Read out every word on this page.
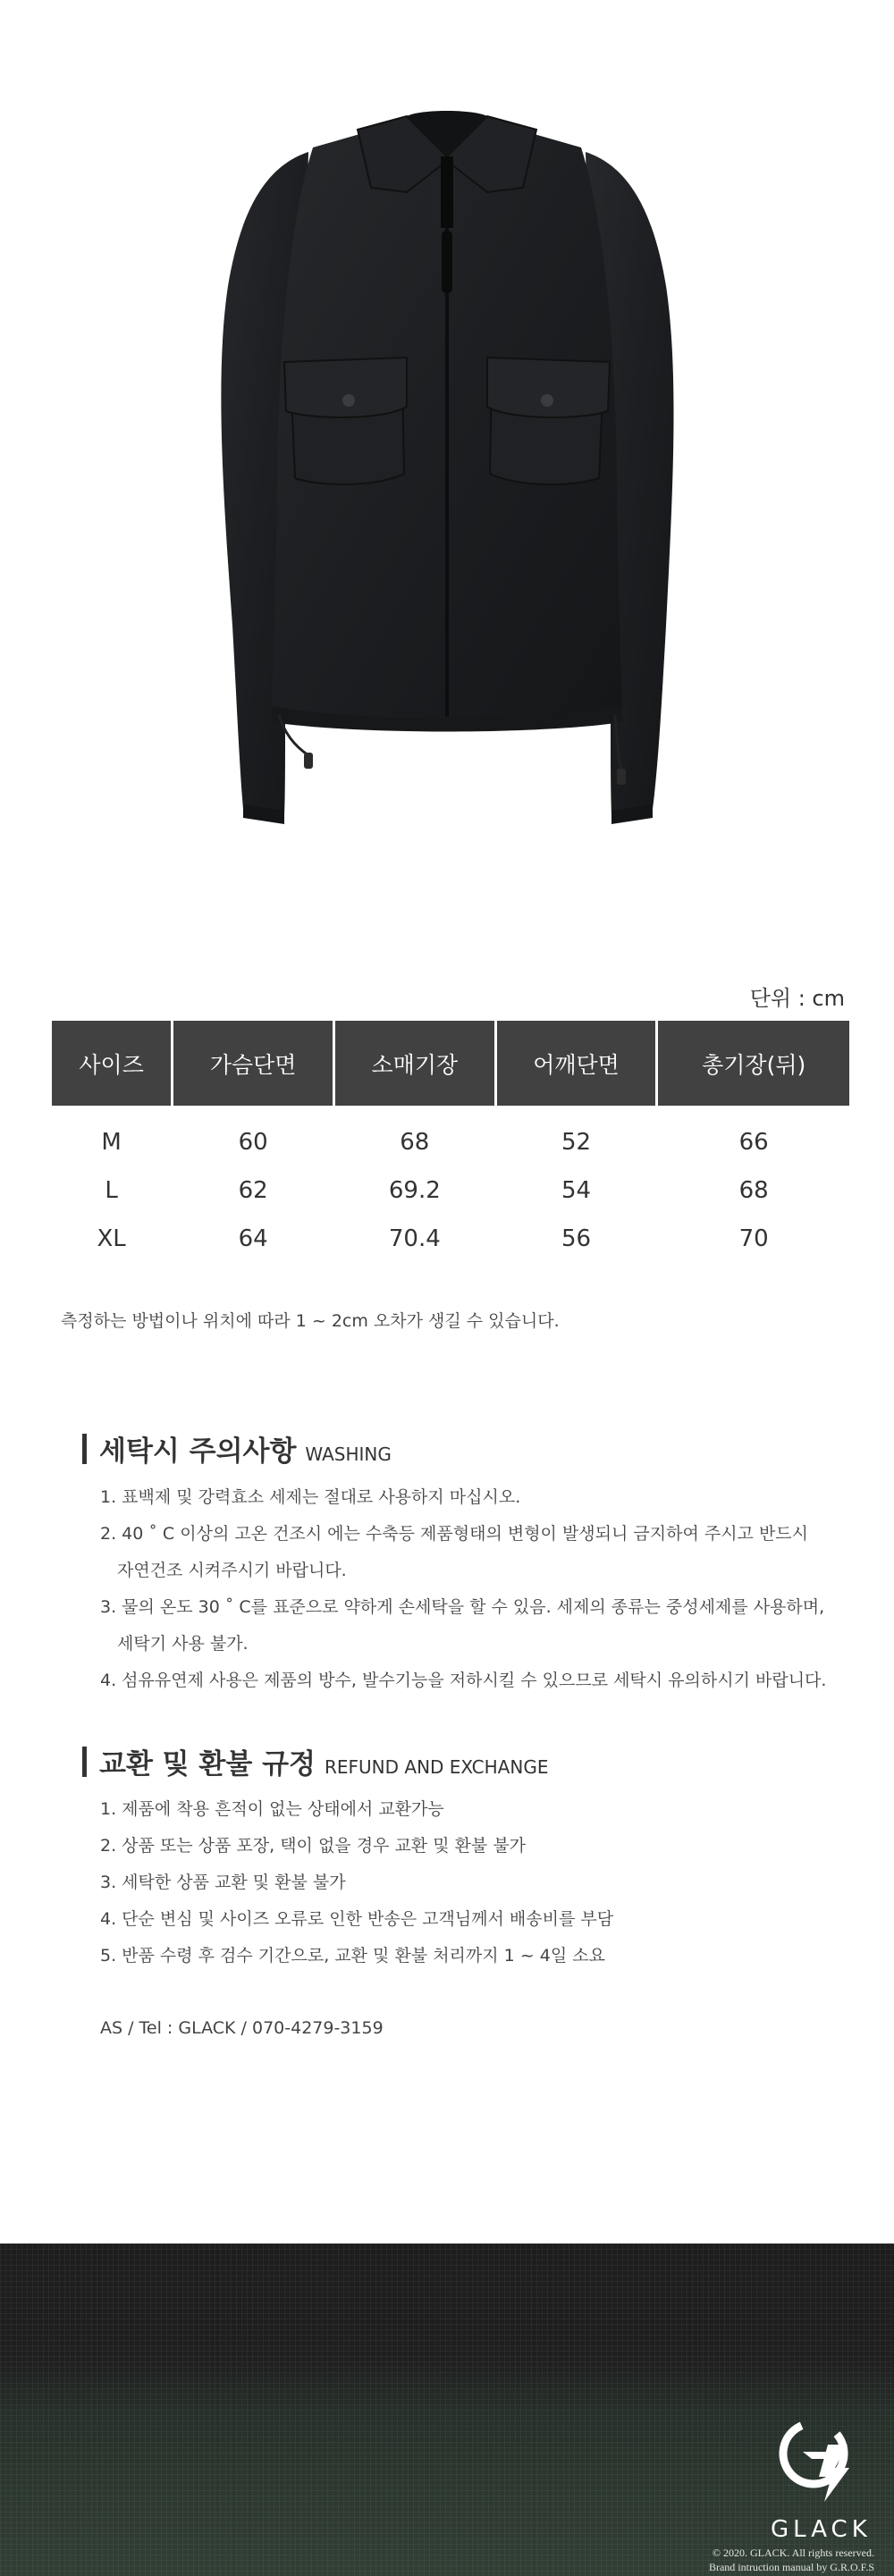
단위 : cm
사이즈	가슴단면	소매기장	어깨단면	총기장(뒤)
M	60	68	52	66
L	62	69.2	54	68
XL	64	70.4	56	70
측정하는 방법이나 위치에 따라 1 ~ 2cm 오차가 생길 수 있습니다.
세탁시 주의사항 WASHING
1. 표백제 및 강력효소 세제는 절대로 사용하지 마십시오.
2. 40 ˚ C 이상의 고온 건조시 에는 수축등 제품형태의 변형이 발생되니 금지하여 주시고 반드시
자연건조 시켜주시기 바랍니다.
3. 물의 온도 30 ˚ C를 표준으로 약하게 손세탁을 할 수 있음. 세제의 종류는 중성세제를 사용하며,
세탁기 사용 불가.
4. 섬유유연제 사용은 제품의 방수, 발수기능을 저하시킬 수 있으므로 세탁시 유의하시기 바랍니다.
교환 및 환불 규정 REFUND AND EXCHANGE
1. 제품에 착용 흔적이 없는 상태에서 교환가능
2. 상품 또는 상품 포장, 택이 없을 경우 교환 및 환불 불가
3. 세탁한 상품 교환 및 환불 불가
4. 단순 변심 및 사이즈 오류로 인한 반송은 고객님께서 배송비를 부담
5. 반품 수령 후 검수 기간으로, 교환 및 환불 처리까지 1 ~ 4일 소요
AS / Tel : GLACK / 070-4279-3159
GLACK
© 2020. GLACK. All rights reserved.
Brand intruction manual by G.R.O.F.S
